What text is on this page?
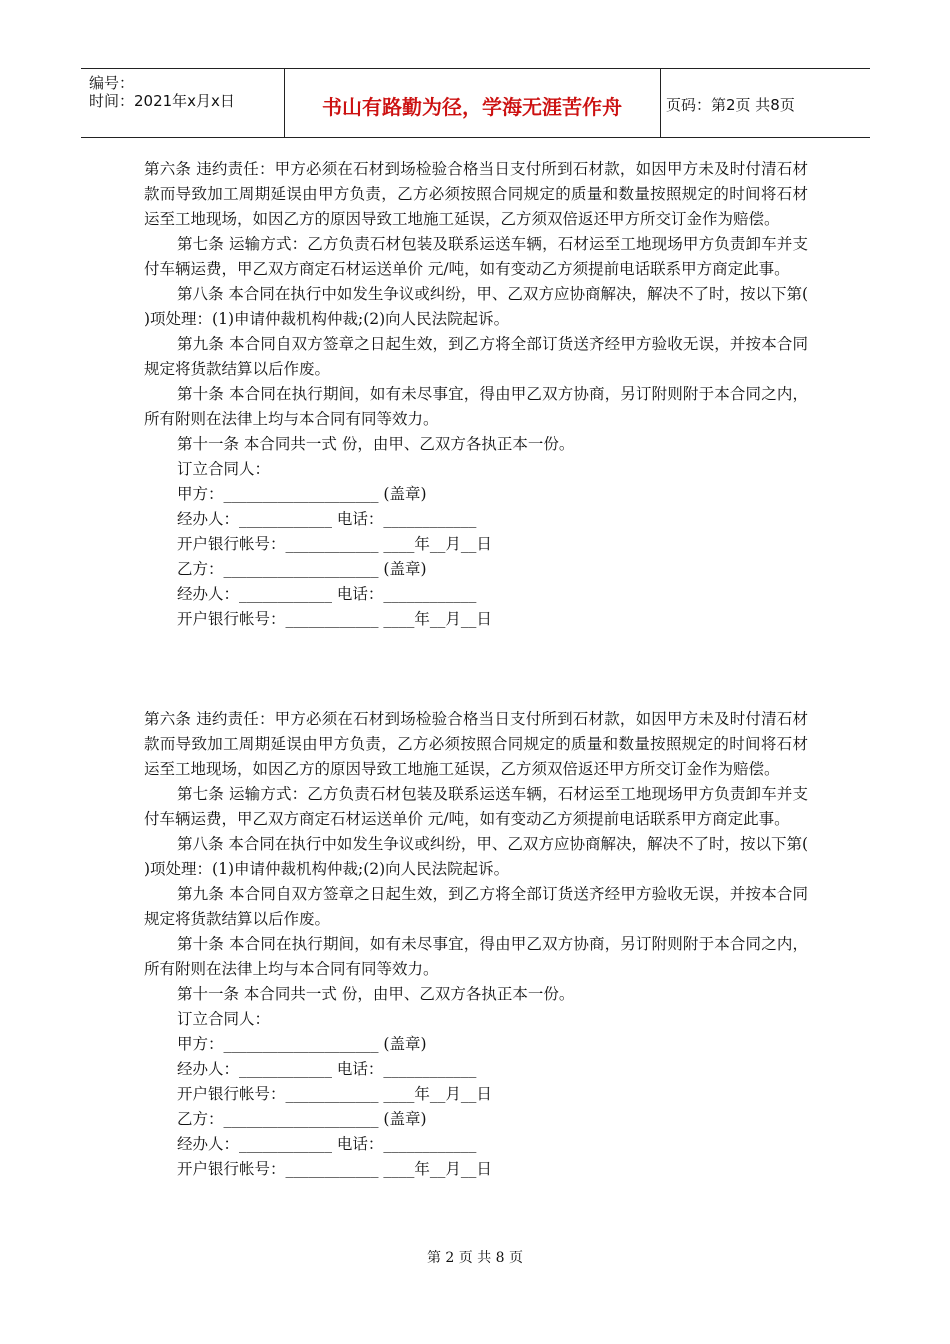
编号：
时间：2021年x月x日	书山有路勤为径，学海无涯苦作舟	页码：第2页 共8页

第六条 违约责任：甲方必须在石材到场检验合格当日支付所到石材款，如因甲方未及时付清石材款而导致加工周期延误由甲方负责，乙方必须按照合同规定的质量和数量按照规定的时间将石材运至工地现场，如因乙方的原因导致工地施工延误，乙方须双倍返还甲方所交订金作为赔偿。

第七条 运输方式：乙方负责石材包装及联系运送车辆，石材运至工地现场甲方负责卸车并支付车辆运费，甲乙双方商定石材运送单价 元/吨，如有变动乙方须提前电话联系甲方商定此事。

第八条 本合同在执行中如发生争议或纠纷，甲、乙双方应协商解决，解决不了时，按以下第( )项处理：(1)申请仲裁机构仲裁;(2)向人民法院起诉。

第九条 本合同自双方签章之日起生效，到乙方将全部订货送齐经甲方验收无误，并按本合同规定将货款结算以后作废。

第十条 本合同在执行期间，如有未尽事宜，得由甲乙双方协商，另订附则附于本合同之内，所有附则在法律上均与本合同有同等效力。

第十一条 本合同共一式 份，由甲、乙双方各执正本一份。

订立合同人：

甲方：____________________ (盖章)

经办人：____________ 电话：____________

开户银行帐号：____________ ____年__月__日

乙方：____________________ (盖章)

经办人：____________ 电话：____________

开户银行帐号：____________ ____年__月__日

第六条 违约责任：甲方必须在石材到场检验合格当日支付所到石材款，如因甲方未及时付清石材款而导致加工周期延误由甲方负责，乙方必须按照合同规定的质量和数量按照规定的时间将石材运至工地现场，如因乙方的原因导致工地施工延误，乙方须双倍返还甲方所交订金作为赔偿。

第七条 运输方式：乙方负责石材包装及联系运送车辆，石材运至工地现场甲方负责卸车并支付车辆运费，甲乙双方商定石材运送单价 元/吨，如有变动乙方须提前电话联系甲方商定此事。

第八条 本合同在执行中如发生争议或纠纷，甲、乙双方应协商解决，解决不了时，按以下第( )项处理：(1)申请仲裁机构仲裁;(2)向人民法院起诉。

第九条 本合同自双方签章之日起生效，到乙方将全部订货送齐经甲方验收无误，并按本合同规定将货款结算以后作废。

第十条 本合同在执行期间，如有未尽事宜，得由甲乙双方协商，另订附则附于本合同之内，所有附则在法律上均与本合同有同等效力。

第十一条 本合同共一式 份，由甲、乙双方各执正本一份。

订立合同人：

甲方：____________________ (盖章)

经办人：____________ 电话：____________

开户银行帐号：____________ ____年__月__日

乙方：____________________ (盖章)

经办人：____________ 电话：____________

开户银行帐号：____________ ____年__月__日

第 2 页 共 8 页
